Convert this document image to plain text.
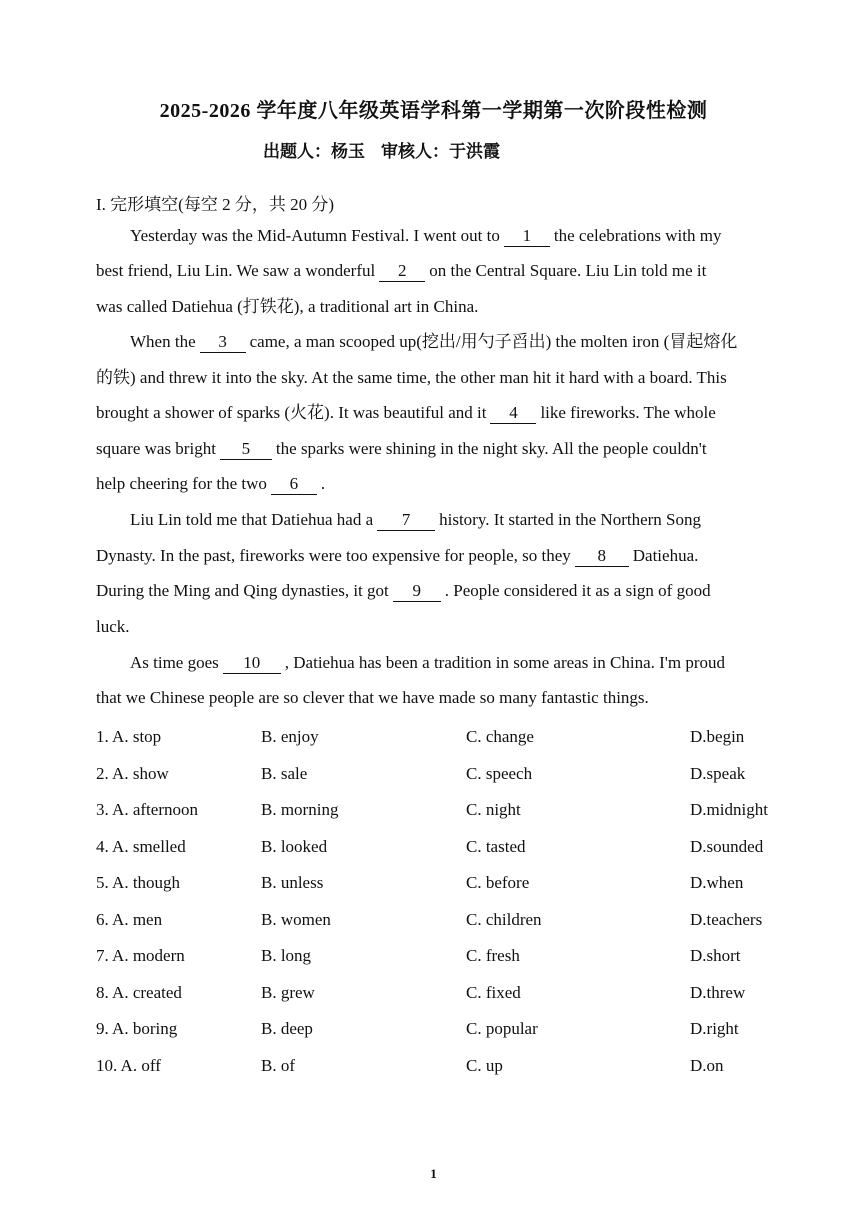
2025-2026 学年度八年级英语学科第一学期第一次阶段性检测
出题人：杨玉 审核人：于洪霞
I. 完形填空(每空 2 分，共 20 分)
Yesterday was the Mid-Autumn Festival. I went out to 1 the celebrations with my
best friend, Liu Lin. We saw a wonderful 2 on the Central Square. Liu Lin told me it
was called Datiehua (打铁花), a traditional art in China.
When the 3 came, a man scooped up(挖出/用勺子舀出) the molten iron (冒起熔化
的铁) and threw it into the sky. At the same time, the other man hit it hard with a board. This
brought a shower of sparks (火花). It was beautiful and it 4 like fireworks. The whole
square was bright 5 the sparks were shining in the night sky. All the people couldn't
help cheering for the two 6 .
Liu Lin told me that Datiehua had a 7 history. It started in the Northern Song
Dynasty. In the past, fireworks were too expensive for people, so they 8 Datiehua.
During the Ming and Qing dynasties, it got 9 . People considered it as a sign of good
luck.
As time goes 10 , Datiehua has been a tradition in some areas in China. I'm proud
that we Chinese people are so clever that we have made so many fantastic things.
1. A. stop	B. enjoy	C. change	D.begin
2. A. show	B. sale	C. speech	D.speak
3. A. afternoon	B. morning	C. night	D.midnight
4. A. smelled	B. looked	C. tasted	D.sounded
5. A. though	B. unless	C. before	D.when
6. A. men	B. women	C. children	D.teachers
7. A. modern	B. long	C. fresh	D.short
8. A. created	B. grew	C. fixed	D.threw
9. A. boring	B. deep	C. popular	D.right
10. A. off	B. of	C. up	D.on
1
